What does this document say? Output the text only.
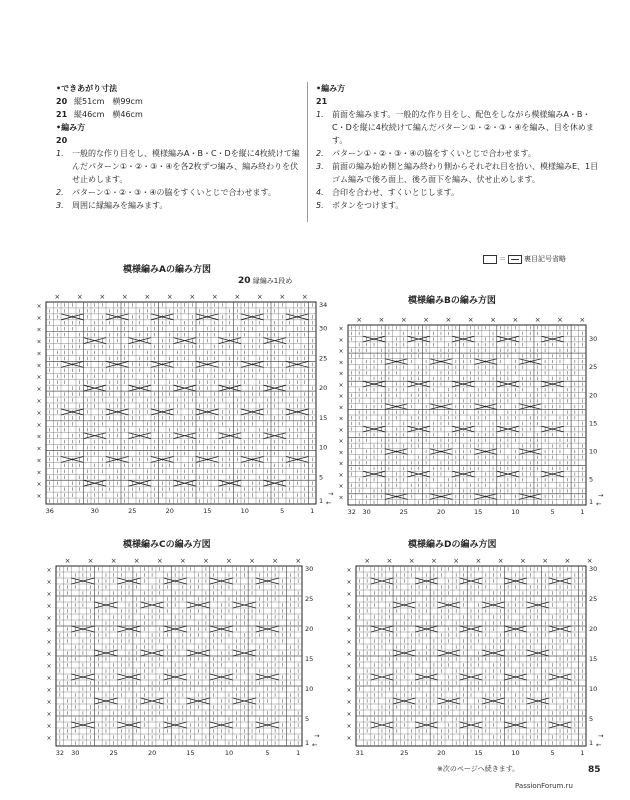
•できあがり寸法
20 縦51cm　横99cm
21 縦46cm　横46cm
•編み方
20
1.	一般的な作り目をし、模様編みA・B・C・Dを縦に4枚続けて編んだパターン①・②・③・④を各2枚ずつ編み、編み終わりを伏せ止めします。
2.	パターン①・②・③・④の脇をすくいとじで合わせます。
3.	周囲に縁編みを編みます。
•編み方
21
1.	前面を編みます。一般的な作り目をし、配色をしながら模様編みA・B・C・Dを縦に4枚続けて編んだパターン①・②・③・④を編み、目を休めます。
2.	パターン①・②・③・④の脇をすくいとじで合わせます。
3.	前面の編み始め側と編み終わり側からそれぞれ目を拾い、模様編みE、1目ゴム編みで後ろ面上、後ろ面下を編み、伏せ止めします。
4.	合印を合わせ、すくいとじします。
5.	ボタンをつけます。
＝	裏目記号省略
模様編みAの編み方図
模様編みBの編み方図
模様編みCの編み方図	模様編みDの編み方図
20 縁編み1段め
× × × × × × × × × × × ×
×
×
×
×
×
×
×
×
×
×
×
×
×
×
×
×
×
36	30	25	20	15	10	5	1
34
30
25
20
15
10
5
1
→
←
× × × × × × × × × × ×
×
×
×
×
×
×
×
×
×
×
×
×
×
×
×
×
32 30	25	20	15	10	5	1
30
25
20
15
10
5
1
→
←
× × × × × × × × × × ×
×
×
×
×
×
×
×
×
×
×
×
×
×
×
×
32 30	25	20	15	10	5	1
30
25
20
15
10
5
1
→
←
× × × × × × × × × × ×
×
×
×
×
×
×
×
×
×
×
×
×
×
×
×
31	25	20	15	10	5	1
30
25
20
15
10
5
1
→
←
※次のページへ続きます。	85
PassionForum.ru
